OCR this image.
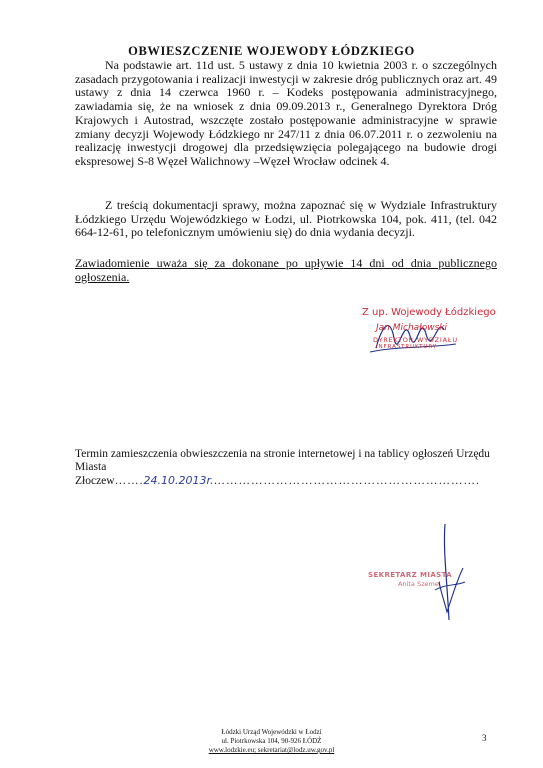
OBWIESZCZENIE WOJEWODY ŁÓDZKIEGO

Na podstawie art. 11d ust. 5 ustawy z dnia 10 kwietnia 2003 r. o szczególnych zasadach przygotowania i realizacji inwestycji w zakresie dróg publicznych oraz art. 49 ustawy z dnia 14 czerwca 1960 r. – Kodeks postępowania administracyjnego, zawiadamia się, że na wniosek z dnia 09.09.2013 r., Generalnego Dyrektora Dróg Krajowych i Autostrad, wszczęte zostało postępowanie administracyjne w sprawie zmiany decyzji Wojewody Łódzkiego nr 247/11 z dnia 06.07.2011 r. o zezwoleniu na realizację inwestycji drogowej dla przedsięwzięcia polegającego na budowie drogi ekspresowej S-8 Węzeł Walichnowy –Węzeł Wrocław odcinek 4.

Z treścią dokumentacji sprawy, można zapoznać się w Wydziale Infrastruktury Łódzkiego Urzędu Wojewódzkiego w Łodzi, ul. Piotrkowska 104, pok. 411, (tel. 042 664-12-61, po telefonicznym umówieniu się) do dnia wydania decyzji.

Zawiadomienie uważa się za dokonane po upływie 14 dni od dnia publicznego ogłoszenia.

Z up. Wojewody Łódzkiego
Jan Michałowski
DYREKTOR WYDZIAŁU
INFRASTRUKTURY
Termin zamieszczenia obwieszczenia na stronie internetowej i na tablicy ogłoszeń Urzędu
Miasta Złoczew…….24.10.2013r.……………………………………………………….
SEKRETARZ MIASTA
Anita Szemel
Łódzki Urząd Wojewódzki w Łodzi
ul. Piotrkowska 104, 90-926 ŁÓDŹ
www.lodzkie.eu; sekretariat@lodz.uw.gov.pl
3
